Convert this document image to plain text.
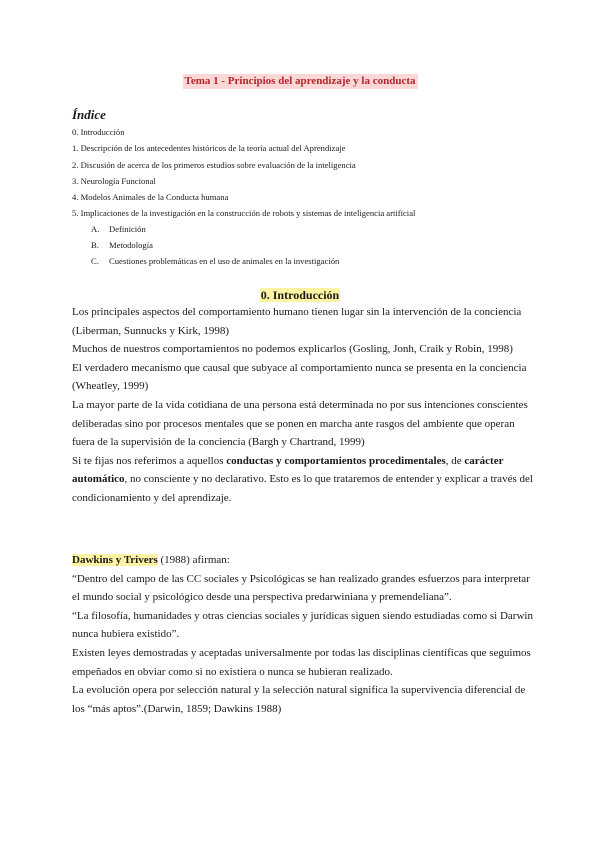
Tema 1 - Principios del aprendizaje y la conducta
Índice
0. Introducción
1. Descripción de los antecedentes históricos de la teoría actual del Aprendizaje
2. Discusión de acerca de los primeros estudios sobre evaluación de la inteligencia
3. Neurología Funcional
4. Modelos Animales de la Conducta humana
5. Implicaciones de la investigación en la construcción de robots y sistemas de inteligencia artificial
A. Definición
B. Metodología
C. Cuestiones problemáticas en el uso de animales en la investigación
0. Introducción

Los principales aspectos del comportamiento humano tienen lugar sin la intervención de la conciencia (Liberman, Sunnucks y Kirk, 1998)

Muchos de nuestros comportamientos no podemos explicarlos (Gosling, Jonh, Craik y Robin, 1998)

El verdadero mecanismo que causal que subyace al comportamiento nunca se presenta en la conciencia (Wheatley, 1999)

La mayor parte de la vida cotidiana de una persona está determinada no por sus intenciones conscientes deliberadas sino por procesos mentales que se ponen en marcha ante rasgos del ambiente que operan fuera de la supervisión de la conciencia (Bargh y Chartrand, 1999)

Si te fijas nos referimos a aquellos conductas y comportamientos procedimentales, de carácter automático, no consciente y no declarativo. Esto es lo que trataremos de entender y explicar a través del condicionamiento y del aprendizaje.

Dawkins y Trivers (1988) afirman:

“Dentro del campo de las CC sociales y Psicológicas se han realizado grandes esfuerzos para interpretar el mundo social y psicológico desde una perspectiva predarwiniana y premendeliana”.

“La filosofía, humanidades y otras ciencias sociales y jurídicas siguen siendo estudiadas como si Darwin nunca hubiera existido”.

Existen leyes demostradas y aceptadas universalmente por todas las disciplinas científicas que seguimos empeñados en obviar como si no existiera o nunca se hubieran realizado.

La evolución opera por selección natural y la selección natural significa la supervivencia diferencial de los “más aptos”.(Darwin, 1859; Dawkins 1988)
